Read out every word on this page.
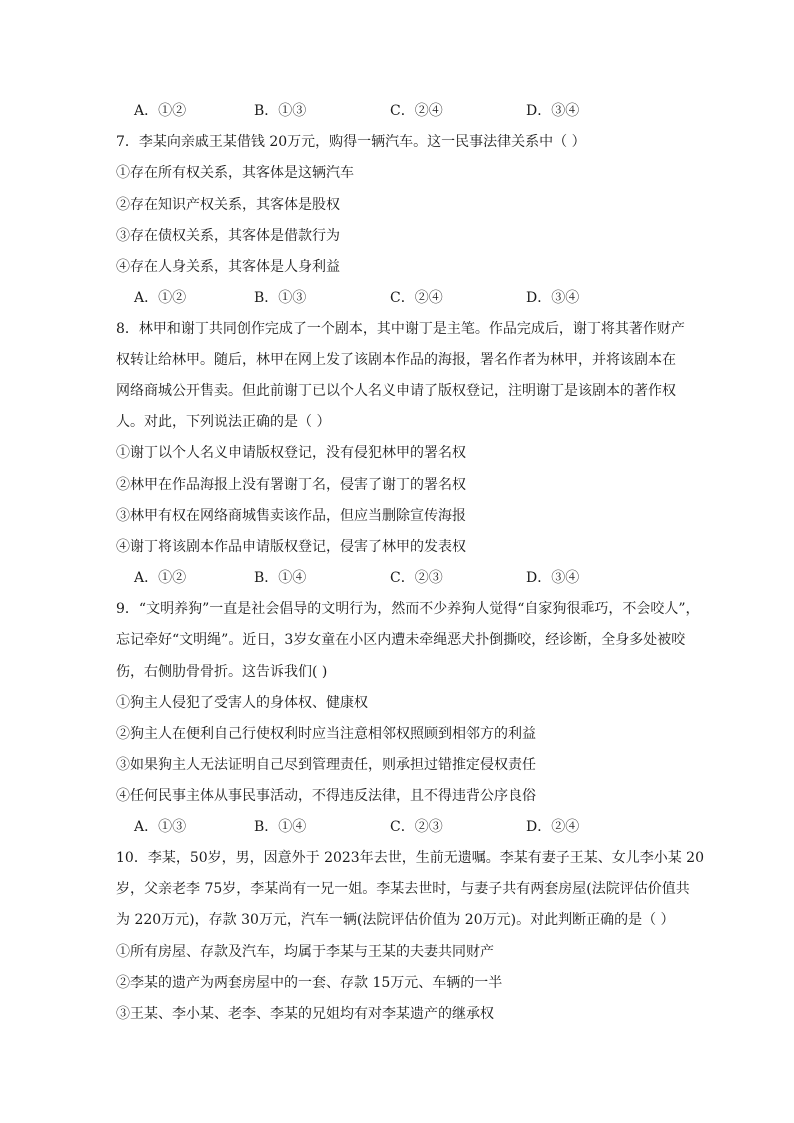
A．①②	B．①③	C．②④	D．③④
7．李某向亲戚王某借钱 20万元，购得一辆汽车。这一民事法律关系中（ ）
①存在所有权关系，其客体是这辆汽车
②存在知识产权关系，其客体是股权
③存在债权关系，其客体是借款行为
④存在人身关系，其客体是人身利益
A．①②	B．①③	C．②④	D．③④
8．林甲和谢丁共同创作完成了一个剧本，其中谢丁是主笔。作品完成后，谢丁将其著作财产
权转让给林甲。随后，林甲在网上发了该剧本作品的海报，署名作者为林甲，并将该剧本在
网络商城公开售卖。但此前谢丁已以个人名义申请了版权登记，注明谢丁是该剧本的著作权
人。对此，下列说法正确的是（ ）
①谢丁以个人名义申请版权登记，没有侵犯林甲的署名权
②林甲在作品海报上没有署谢丁名，侵害了谢丁的署名权
③林甲有权在网络商城售卖该作品，但应当删除宣传海报
④谢丁将该剧本作品申请版权登记，侵害了林甲的发表权
A．①②	B．①④	C．②③	D．③④
9．“文明养狗”一直是社会倡导的文明行为，然而不少养狗人觉得“自家狗很乖巧，不会咬人”，
忘记牵好“文明绳”。近日，3岁女童在小区内遭未牵绳恶犬扑倒撕咬，经诊断，全身多处被咬
伤，右侧肋骨骨折。这告诉我们( )
①狗主人侵犯了受害人的身体权、健康权
②狗主人在便利自己行使权利时应当注意相邻权照顾到相邻方的利益
③如果狗主人无法证明自己尽到管理责任，则承担过错推定侵权责任
④任何民事主体从事民事活动，不得违反法律，且不得违背公序良俗
A．①③	B．①④	C．②③	D．②④
10．李某，50岁，男，因意外于 2023年去世，生前无遗嘱。李某有妻子王某、女儿李小某 20
岁，父亲老李 75岁，李某尚有一兄一姐。李某去世时，与妻子共有两套房屋(法院评估价值共
为 220万元)，存款 30万元，汽车一辆(法院评估价值为 20万元)。对此判断正确的是（ ）
①所有房屋、存款及汽车，均属于李某与王某的夫妻共同财产
②李某的遗产为两套房屋中的一套、存款 15万元、车辆的一半
③王某、李小某、老李、李某的兄姐均有对李某遗产的继承权
